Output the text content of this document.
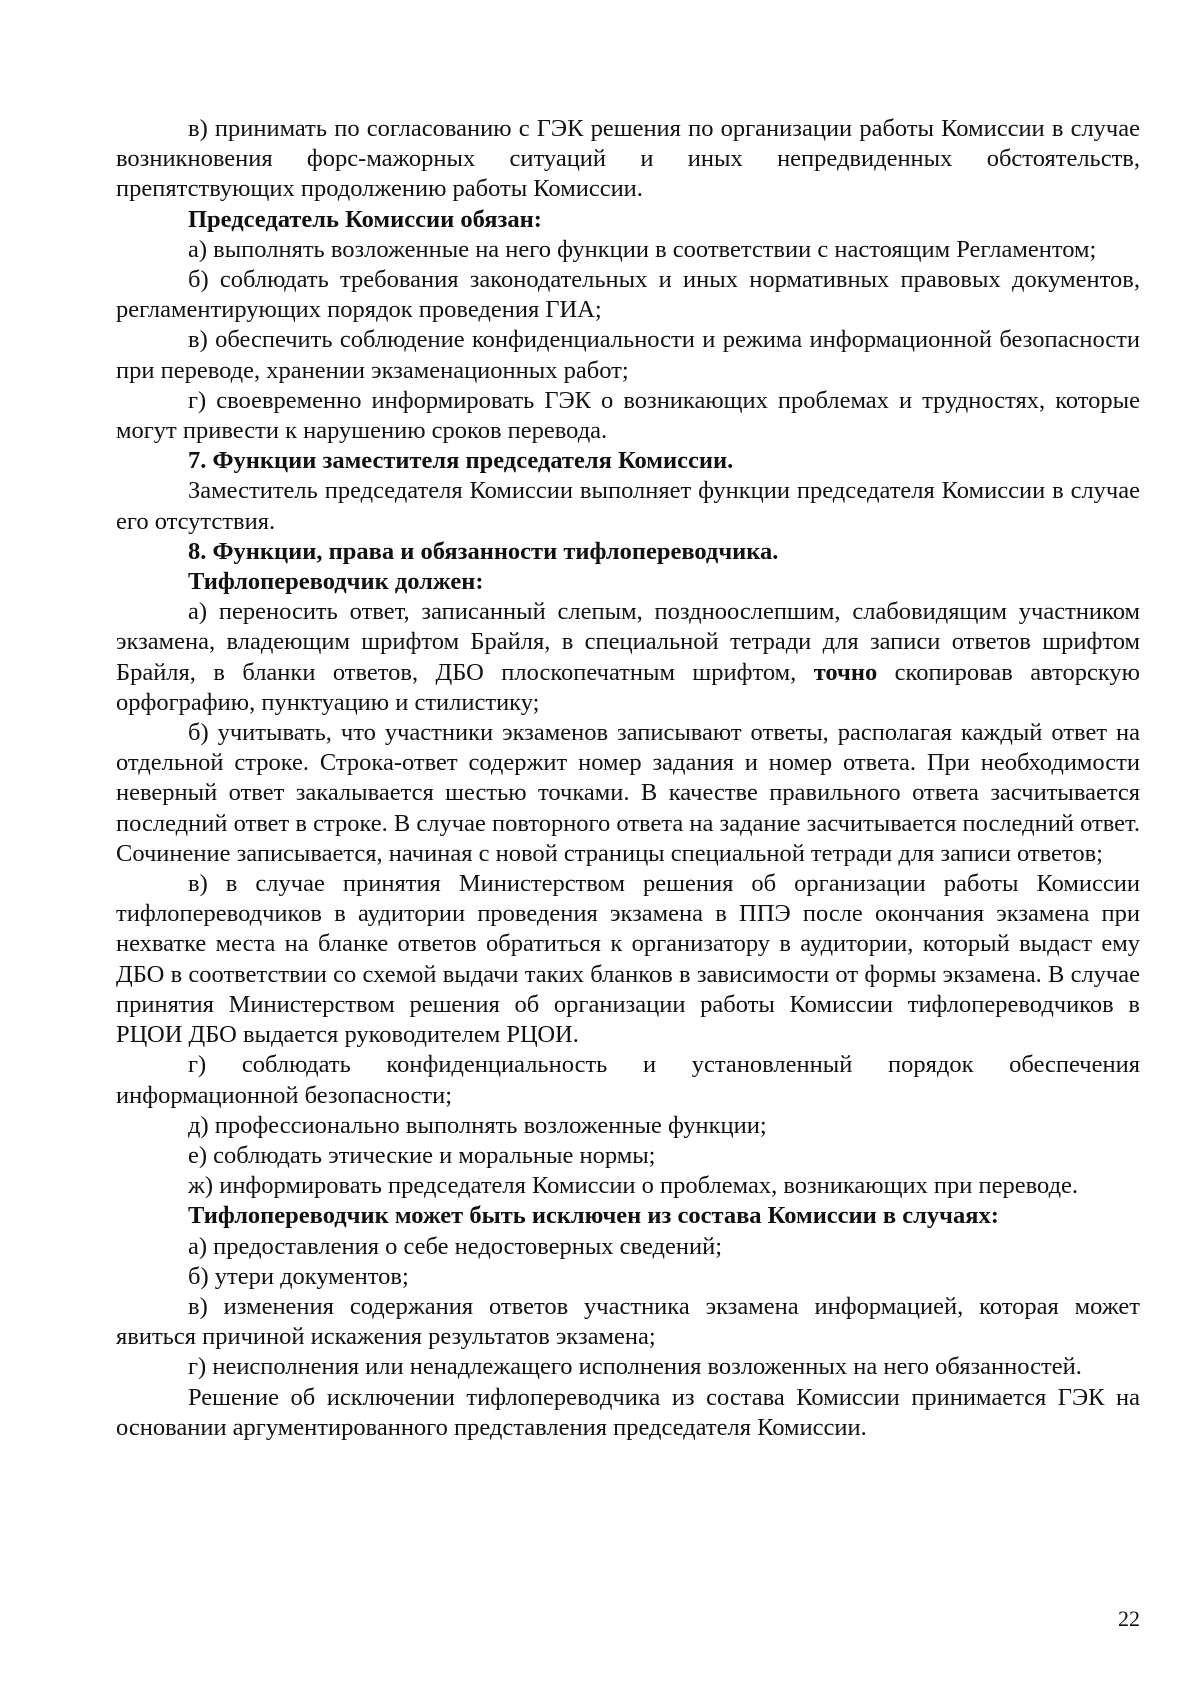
в) принимать по согласованию с ГЭК решения по организации работы Комиссии в случае возникновения форс-мажорных ситуаций и иных непредвиденных обстоятельств, препятствующих продолжению работы Комиссии.

Председатель Комиссии обязан:

а) выполнять возложенные на него функции в соответствии с настоящим Регламентом;

б) соблюдать требования законодательных и иных нормативных правовых документов, регламентирующих порядок проведения ГИА;

в) обеспечить соблюдение конфиденциальности и режима информационной безопасности при переводе, хранении экзаменационных работ;

г) своевременно информировать ГЭК о возникающих проблемах и трудностях, которые могут привести к нарушению сроков перевода.

7. Функции заместителя председателя Комиссии.

Заместитель председателя Комиссии выполняет функции председателя Комиссии в случае его отсутствия.

8. Функции, права и обязанности тифлопереводчика.

Тифлопереводчик должен:

а) переносить ответ, записанный слепым, поздноослепшим, слабовидящим участником экзамена, владеющим шрифтом Брайля, в специальной тетради для записи ответов шрифтом Брайля, в бланки ответов, ДБО плоскопечатным шрифтом, точно скопировав авторскую орфографию, пунктуацию и стилистику;

б) учитывать, что участники экзаменов записывают ответы, располагая каждый ответ на отдельной строке. Строка-ответ содержит номер задания и номер ответа. При необходимости неверный ответ закалывается шестью точками. В качестве правильного ответа засчитывается последний ответ в строке. В случае повторного ответа на задание засчитывается последний ответ. Сочинение записывается, начиная с новой страницы специальной тетради для записи ответов;

в) в случае принятия Министерством решения об организации работы Комиссии тифлопереводчиков в аудитории проведения экзамена в ППЭ после окончания экзамена при нехватке места на бланке ответов обратиться к организатору в аудитории, который выдаст ему ДБО в соответствии со схемой выдачи таких бланков в зависимости от формы экзамена. В случае принятия Министерством решения об организации работы Комиссии тифлопереводчиков в РЦОИ ДБО выдается руководителем РЦОИ.

г) соблюдать конфиденциальность и установленный порядок обеспечения информационной безопасности;

д) профессионально выполнять возложенные функции;

е) соблюдать этические и моральные нормы;

ж) информировать председателя Комиссии о проблемах, возникающих при переводе.

Тифлопереводчик может быть исключен из состава Комиссии в случаях:

а) предоставления о себе недостоверных сведений;

б) утери документов;

в) изменения содержания ответов участника экзамена информацией, которая может явиться причиной искажения результатов экзамена;

г) неисполнения или ненадлежащего исполнения возложенных на него обязанностей.

Решение об исключении тифлопереводчика из состава Комиссии принимается ГЭК на основании аргументированного представления председателя Комиссии.

22
